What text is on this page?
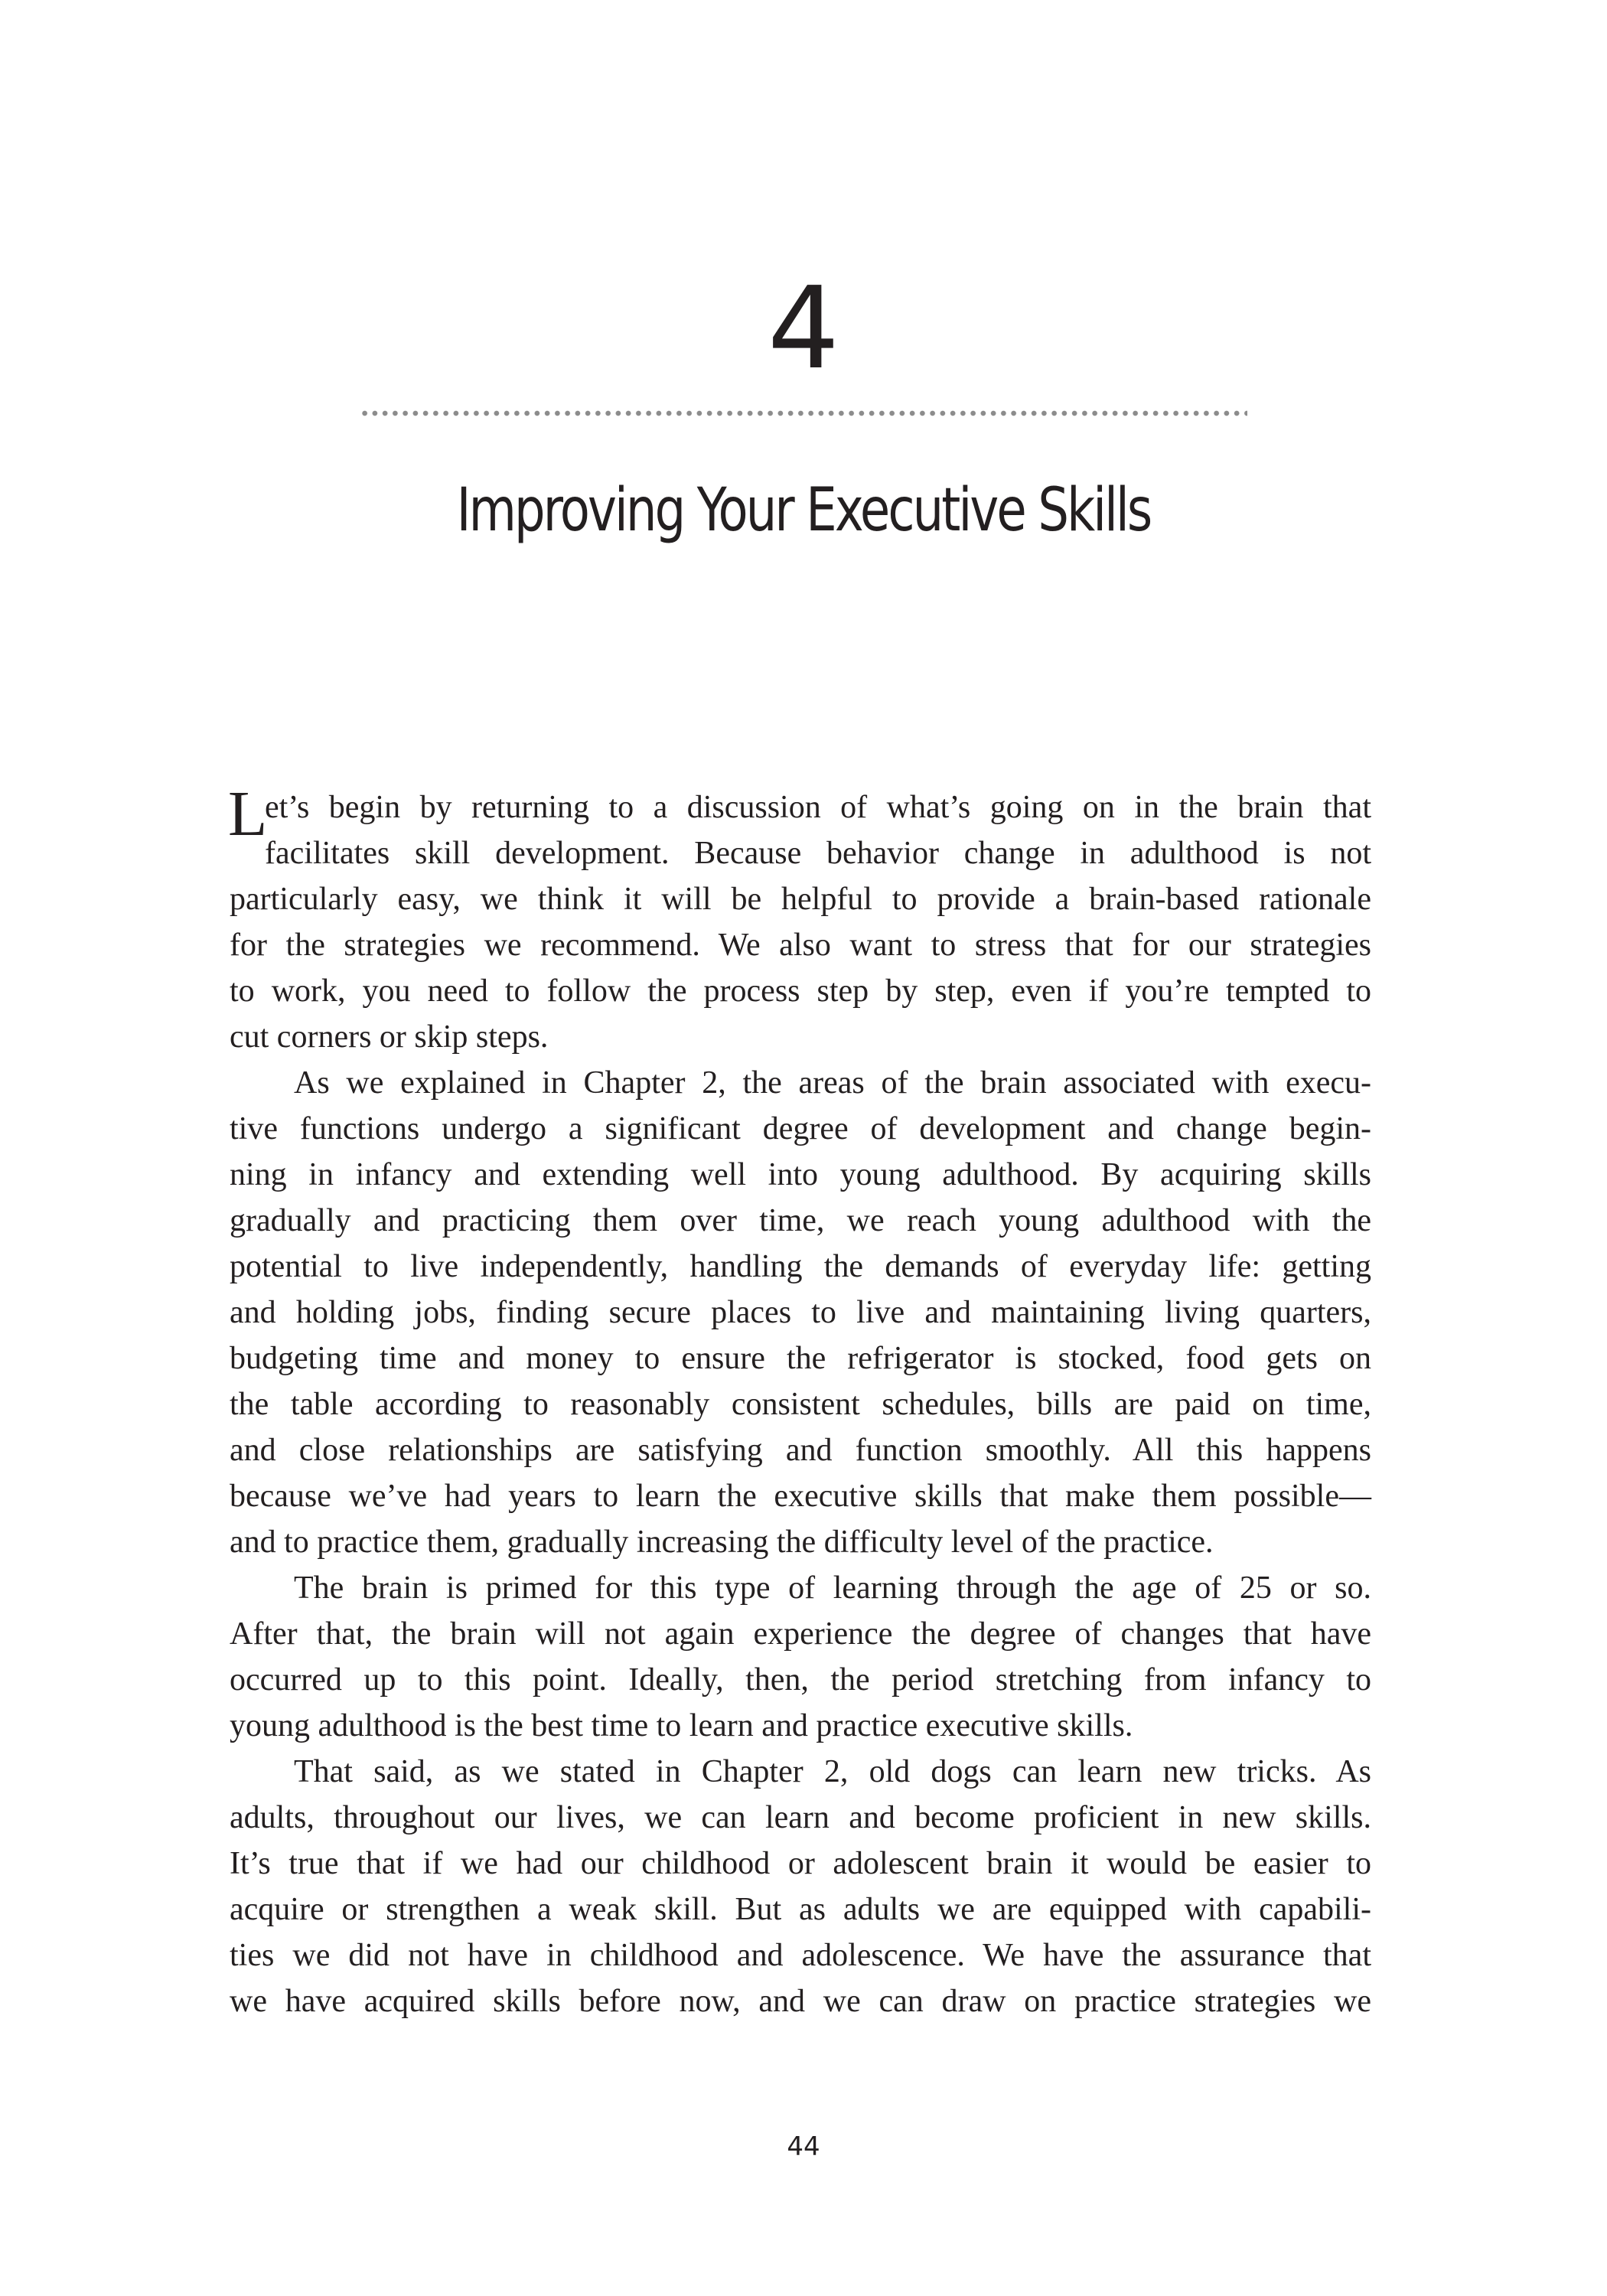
4
Improving Your Executive Skills
L

et’s begin by returning to a discussion of what’s going on in the brain that

facilitates skill development. Because behavior change in adulthood is not

particularly easy, we think it will be helpful to provide a brain-based rationale

for the strategies we recommend. We also want to stress that for our strategies

to work, you need to follow the process step by step, even if you’re tempted to

cut corners or skip steps.

As we explained in Chapter 2, the areas of the brain associated with execu-

tive functions undergo a significant degree of development and change begin-

ning in infancy and extending well into young adulthood. By acquiring skills

gradually and practicing them over time, we reach young adulthood with the

potential to live independently, handling the demands of everyday life: getting

and holding jobs, finding secure places to live and maintaining living quarters,

budgeting time and money to ensure the refrigerator is stocked, food gets on

the table according to reasonably consistent schedules, bills are paid on time,

and close relationships are satisfying and function smoothly. All this happens

because we’ve had years to learn the executive skills that make them possible—

and to practice them, gradually increasing the difficulty level of the practice.

The brain is primed for this type of learning through the age of 25 or so.

After that, the brain will not again experience the degree of changes that have

occurred up to this point. Ideally, then, the period stretching from infancy to

young adulthood is the best time to learn and practice executive skills.

That said, as we stated in Chapter 2, old dogs can learn new tricks. As

adults, throughout our lives, we can learn and become proficient in new skills.

It’s true that if we had our childhood or adolescent brain it would be easier to

acquire or strengthen a weak skill. But as adults we are equipped with capabili-

ties we did not have in childhood and adolescence. We have the assurance that

we have acquired skills before now, and we can draw on practice strategies we

44
